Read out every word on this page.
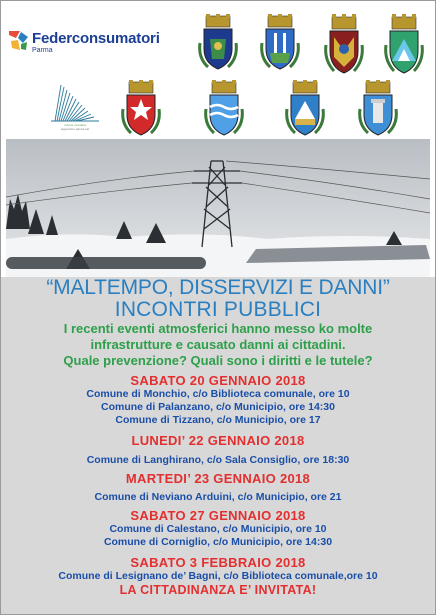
Federconsumatori
Parma
unione montana
appennino parma est
“MALTEMPO, DISSERVIZI E DANNI”
INCONTRI PUBBLICI
I recenti eventi atmosferici hanno messo ko molte
infrastrutture e causato danni ai cittadini.
Quale prevenzione? Quali sono i diritti e le tutele?
SABATO 20 GENNAIO 2018
Comune di Monchio, c/o Biblioteca comunale, ore 10
Comune di Palanzano, c/o Municipio, ore 14:30
Comune di Tizzano, c/o Municipio, ore 17
LUNEDI’ 22 GENNAIO 2018
Comune di Langhirano, c/o Sala Consiglio, ore 18:30
MARTEDI’ 23 GENNAIO 2018
Comune di Neviano Arduini, c/o Municipio, ore 21
SABATO 27 GENNAIO 2018
Comune di Calestano, c/o Municipio, ore 10
Comune di Corniglio, c/o Municipio, ore 14:30
SABATO 3 FEBBRAIO 2018
Comune di Lesignano de’ Bagni, c/o Biblioteca comunale,ore 10
LA CITTADINANZA E’ INVITATA!
